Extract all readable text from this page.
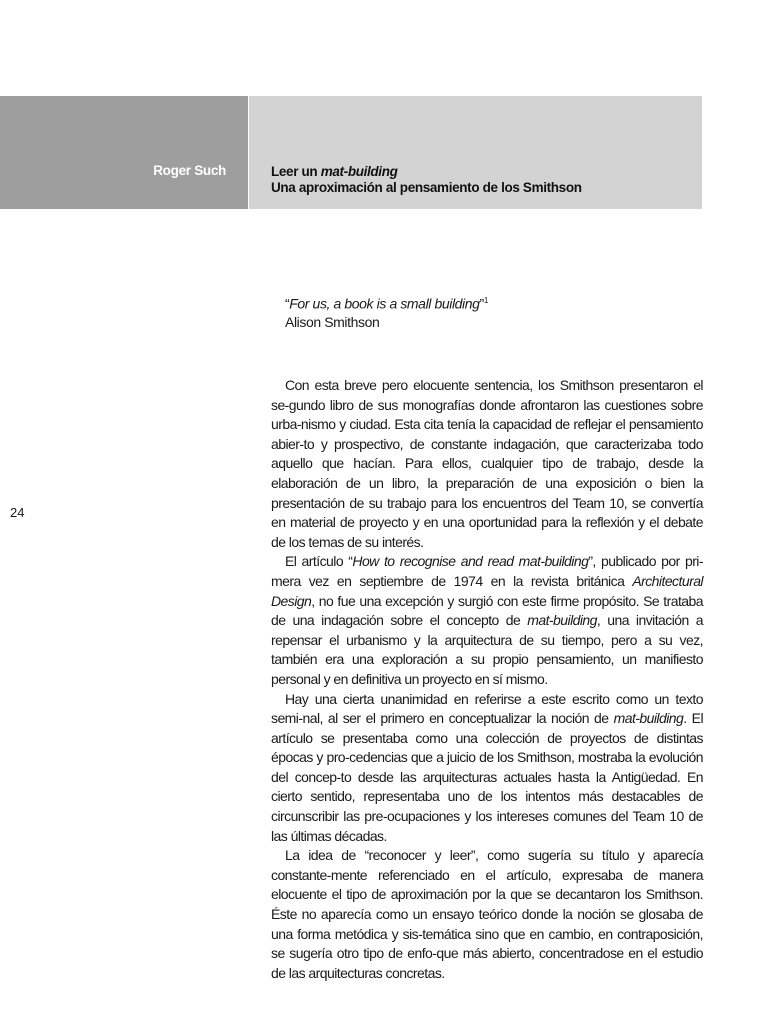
Roger Such	Leer un mat-building
Una aproximación al pensamiento de los Smithson
“For us, a book is a small building”$^1$
Alison Smithson
24

Con esta breve pero elocuente sentencia, los Smithson presentaron el se-gundo libro de sus monografías donde afrontaron las cuestiones sobre urba-nismo y ciudad. Esta cita tenía la capacidad de reflejar el pensamiento abier-to y prospectivo, de constante indagación, que caracterizaba todo aquello que hacían. Para ellos, cualquier tipo de trabajo, desde la elaboración de un libro, la preparación de una exposición o bien la presentación de su trabajo para los encuentros del Team 10, se convertía en material de proyecto y en una oportunidad para la reflexión y el debate de los temas de su interés.

El artículo “How to recognise and read mat-building”, publicado por pri-mera vez en septiembre de 1974 en la revista británica Architectural Design, no fue una excepción y surgió con este firme propósito. Se trataba de una indagación sobre el concepto de mat-building, una invitación a repensar el urbanismo y la arquitectura de su tiempo, pero a su vez, también era una exploración a su propio pensamiento, un manifiesto personal y en definitiva un proyecto en sí mismo.

Hay una cierta unanimidad en referirse a este escrito como un texto semi-nal, al ser el primero en conceptualizar la noción de mat-building. El artículo se presentaba como una colección de proyectos de distintas épocas y pro-cedencias que a juicio de los Smithson, mostraba la evolución del concep-to desde las arquitecturas actuales hasta la Antigüedad. En cierto sentido, representaba uno de los intentos más destacables de circunscribir las pre-ocupaciones y los intereses comunes del Team 10 de las últimas décadas.

La idea de “reconocer y leer”, como sugería su título y aparecía constante-mente referenciado en el artículo, expresaba de manera elocuente el tipo de aproximación por la que se decantaron los Smithson. Éste no aparecía como un ensayo teórico donde la noción se glosaba de una forma metódica y sis-temática sino que en cambio, en contraposición, se sugería otro tipo de enfo-que más abierto, concentradose en el estudio de las arquitecturas concretas.
